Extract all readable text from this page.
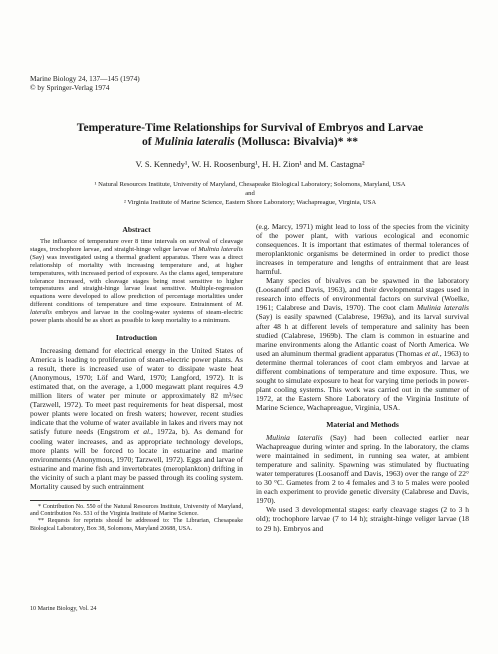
Marine Biology 24, 137—145 (1974)
© by Springer-Verlag 1974
Temperature-Time Relationships for Survival of Embryos and Larvae
of Mulinia lateralis (Mollusca: Bivalvia)* **
V. S. Kennedy¹, W. H. Roosenburg¹, H. H. Zion¹ and M. Castagna²
¹ Natural Resources Institute, University of Maryland, Chesapeake Biological Laboratory; Solomons, Maryland, USA
and
² Virginia Institute of Marine Science, Eastern Shore Laboratory; Wachapreague, Virginia, USA
Abstract

The influence of temperature over 8 time intervals on survival of cleavage stages, trochophore larvae, and straight-hinge veliger larvae of Mulinia lateralis (Say) was investigated using a thermal gradient apparatus. There was a direct relationship of mortality with increasing temperature and, at higher temperatures, with increased period of exposure. As the clams aged, temperature tolerance increased, with cleavage stages being most sensitive to higher temperatures and straight-hinge larvae least sensitive. Multiple-regression equations were developed to allow prediction of percentage mortalities under different conditions of temperature and time exposure. Entrainment of M. lateralis embryos and larvae in the cooling-water systems of steam-electric power plants should be as short as possible to keep mortality to a minimum.

Introduction

Increasing demand for electrical energy in the United States of America is leading to proliferation of steam-electric power plants. As a result, there is increased use of water to dissipate waste heat (Anonymous, 1970; Löf and Ward, 1970; Langford, 1972). It is estimated that, on the average, a 1,000 megawatt plant requires 4.9 million liters of water per minute or approximately 82 m³/sec (Tarzwell, 1972). To meet past requirements for heat dispersal, most power plants were located on fresh waters; however, recent studies indicate that the volume of water available in lakes and rivers may not satisfy future needs (Engstrom et al., 1972a, b). As demand for cooling water increases, and as appropriate technology develops, more plants will be forced to locate in estuarine and marine environments (Anonymous, 1970; Tarzwell, 1972). Eggs and larvae of estuarine and marine fish and invertebrates (meroplankton) drifting in the vicinity of such a plant may be passed through its cooling system. Mortality caused by such entrainment

* Contribution No. 550 of the Natural Resources Institute, University of Maryland, and Contribution No. 531 of the Virginia Institute of Marine Science.

** Requests for reprints should be addressed to: The Librarian, Chesapeake Biological Laboratory, Box 38, Solomons, Maryland 20688, USA.

(e.g. Marcy, 1971) might lead to loss of the species from the vicinity of the power plant, with various ecological and economic consequences. It is important that estimates of thermal tolerances of meroplanktonic organisms be determined in order to predict those increases in temperature and lengths of entrainment that are least harmful.

Many species of bivalves can be spawned in the laboratory (Loosanoff and Davis, 1963), and their developmental stages used in research into effects of environmental factors on survival (Woelke, 1961; Calabrese and Davis, 1970). The coot clam Mulinia lateralis (Say) is easily spawned (Calabrese, 1969a), and its larval survival after 48 h at different levels of temperature and salinity has been studied (Calabrese, 1969b). The clam is common in estuarine and marine environments along the Atlantic coast of North America. We used an aluminum thermal gradient apparatus (Thomas et al., 1963) to determine thermal tolerances of coot clam embryos and larvae at different combinations of temperature and time exposure. Thus, we sought to simulate exposure to heat for varying time periods in power-plant cooling systems. This work was carried out in the summer of 1972, at the Eastern Shore Laboratory of the Virginia Institute of Marine Science, Wachapreague, Virginia, USA.

Material and Methods

Mulinia lateralis (Say) had been collected earlier near Wachapreague during winter and spring. In the laboratory, the clams were maintained in sediment, in running sea water, at ambient temperature and salinity. Spawning was stimulated by fluctuating water temperatures (Loosanoff and Davis, 1963) over the range of 22° to 30 °C. Gametes from 2 to 4 females and 3 to 5 males were pooled in each experiment to provide genetic diversity (Calabrese and Davis, 1970).

We used 3 developmental stages: early cleavage stages (2 to 3 h old); trochophore larvae (7 to 14 h); straight-hinge veliger larvae (18 to 29 h). Embryos and

10 Marine Biology, Vol. 24
